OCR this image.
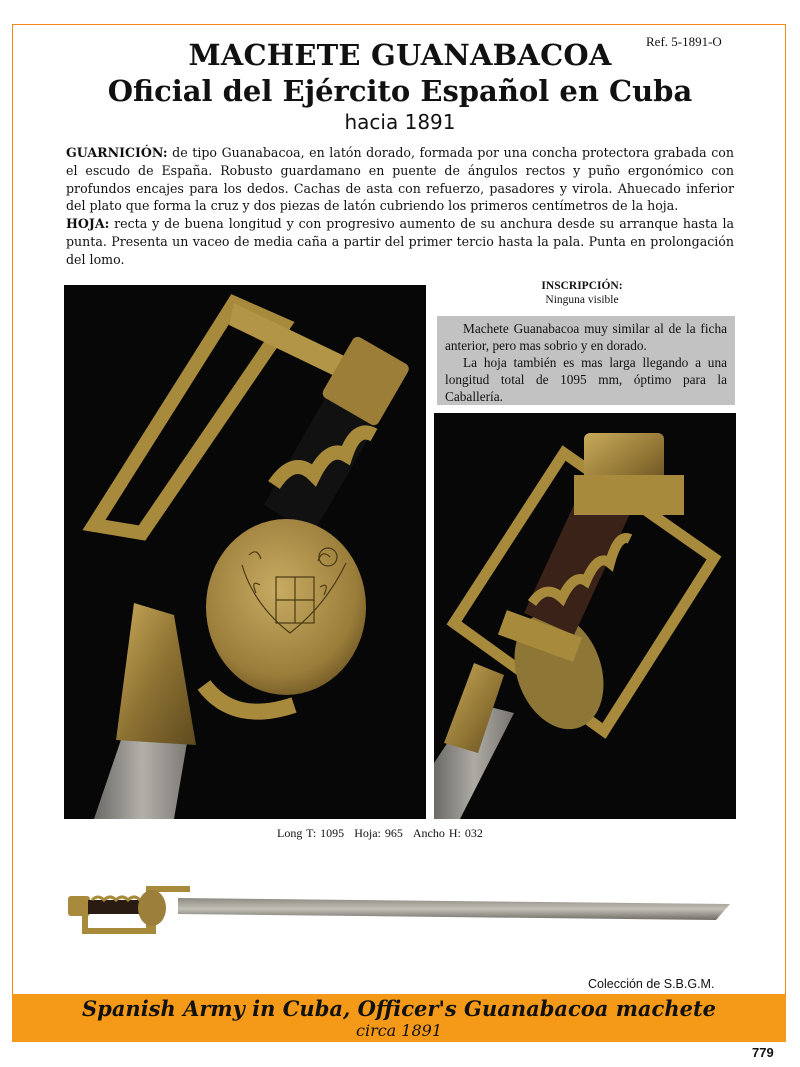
Ref. 5-1891-O
MACHETE GUANABACOA
Oficial del Ejército Español en Cuba
hacia 1891

GUARNICIÓN: de tipo Guanabacoa, en latón dorado, formada por una concha protectora grabada con el escudo de España. Robusto guardamano en puente de ángulos rectos y puño ergonómico con profundos encajes para los dedos. Cachas de asta con refuerzo, pasadores y virola. Ahuecado inferior del plato que forma la cruz y dos piezas de latón cubriendo los primeros centímetros de la hoja.

HOJA: recta y de buena longitud y con progresivo aumento de su anchura desde su arranque hasta la punta. Presenta un vaceo de media caña a partir del primer tercio hasta la pala. Punta en prolongación del lomo.

INSCRIPCIÓN:
Ninguna visible

Machete Guanabacoa muy similar al de la ficha anterior, pero mas sobrio y en dorado.

La hoja también es mas larga llegando a una longitud total de 1095 mm, óptimo para la Caballería.

Long T: 1095 Hoja: 965 Ancho H: 032
Colección de S.B.G.M.
Spanish Army in Cuba, Officer's Guanabacoa machete
circa 1891
779
